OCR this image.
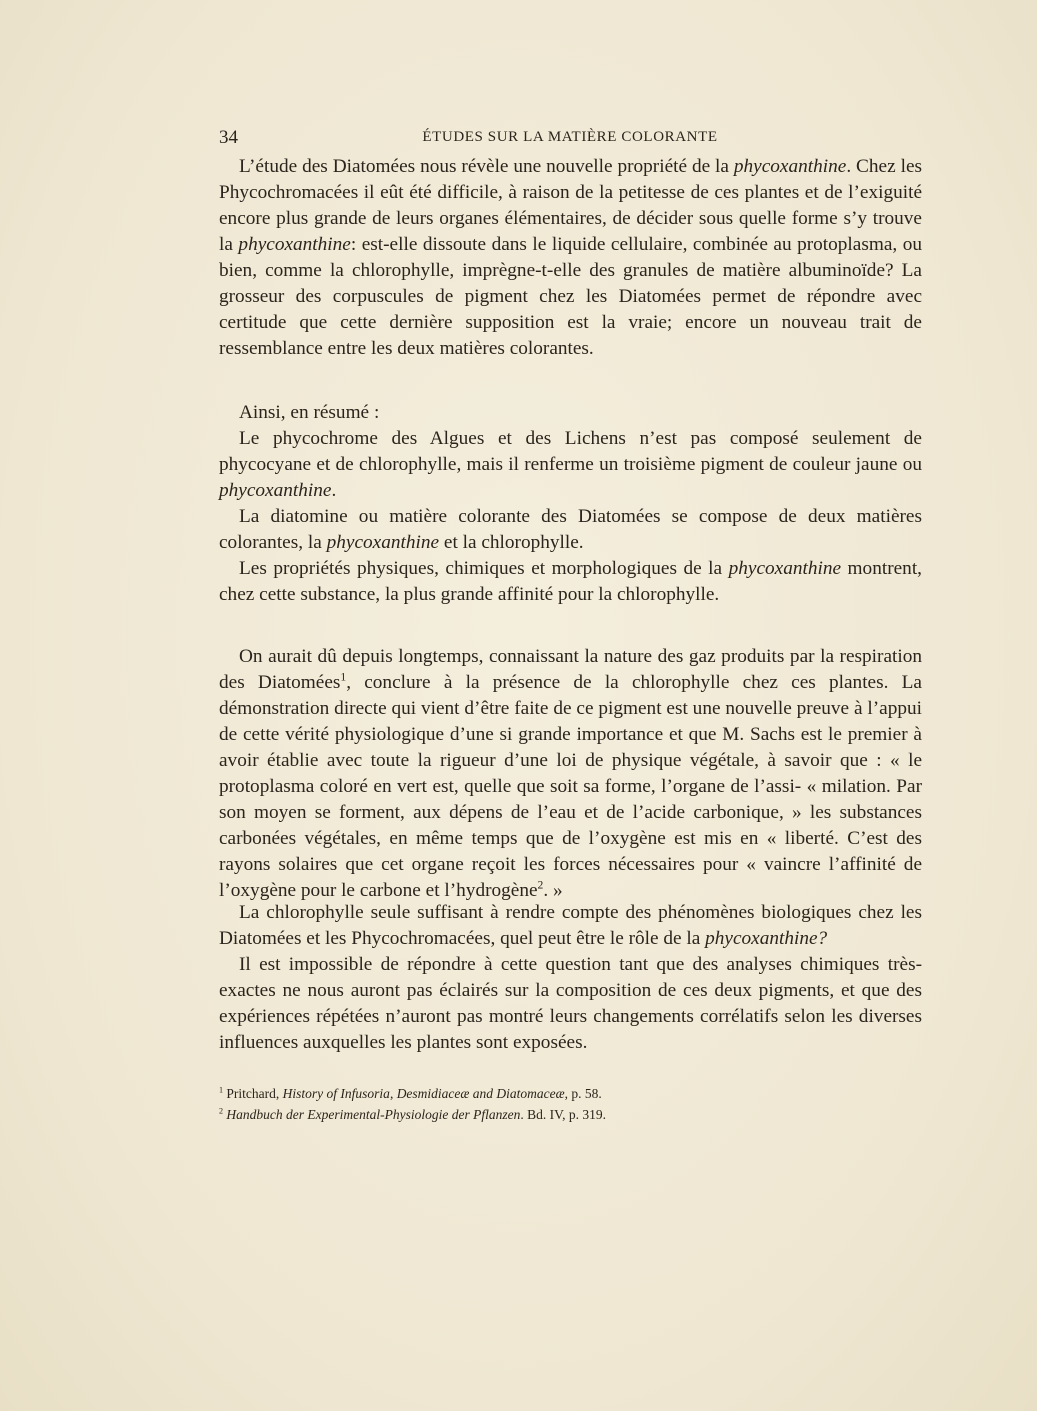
34	ÉTUDES SUR LA MATIÈRE COLORANTE

L’étude des Diatomées nous révèle une nouvelle propriété de la phycoxanthine. Chez les Phycochromacées il eût été difficile, à raison de la petitesse de ces plantes et de l’exiguité encore plus grande de leurs organes élémentaires, de décider sous quelle forme s’y trouve la phycoxanthine: est-elle dissoute dans le liquide cellulaire, combinée au protoplasma, ou bien, comme la chlorophylle, imprègne-t-elle des granules de matière albuminoïde? La grosseur des corpuscules de pigment chez les Diatomées permet de répondre avec certitude que cette dernière supposition est la vraie; encore un nouveau trait de ressemblance entre les deux matières colorantes.

Ainsi, en résumé :

Le phycochrome des Algues et des Lichens n’est pas composé seulement de phycocyane et de chlorophylle, mais il renferme un troisième pigment de couleur jaune ou phycoxanthine.

La diatomine ou matière colorante des Diatomées se compose de deux matières colorantes, la phycoxanthine et la chlorophylle.

Les propriétés physiques, chimiques et morphologiques de la phycoxanthine montrent, chez cette substance, la plus grande affinité pour la chlorophylle.

On aurait dû depuis longtemps, connaissant la nature des gaz produits par la respiration des Diatomées$^1$, conclure à la présence de la chlorophylle chez ces plantes. La démonstration directe qui vient d’être faite de ce pigment est une nouvelle preuve à l’appui de cette vérité physiologique d’une si grande importance et que M. Sachs est le premier à avoir établie avec toute la rigueur d’une loi de physique végétale, à savoir que : « le protoplasma coloré en vert est, quelle que soit sa forme, l’organe de l’assi- « milation. Par son moyen se forment, aux dépens de l’eau et de l’acide carbonique, » les substances carbonées végétales, en même temps que de l’oxygène est mis en « liberté. C’est des rayons solaires que cet organe reçoit les forces nécessaires pour « vaincre l’affinité de l’oxygène pour le carbone et l’hydrogène$^2$. »

La chlorophylle seule suffisant à rendre compte des phénomènes biologiques chez les Diatomées et les Phycochromacées, quel peut être le rôle de la phycoxanthine?

Il est impossible de répondre à cette question tant que des analyses chimiques très-exactes ne nous auront pas éclairés sur la composition de ces deux pigments, et que des expériences répétées n’auront pas montré leurs changements corrélatifs selon les diverses influences auxquelles les plantes sont exposées.

$^1$ Pritchard, History of Infusoria, Desmidiaceæ and Diatomaceæ, p. 58.

$^2$ Handbuch der Experimental-Physiologie der Pflanzen. Bd. IV, p. 319.
